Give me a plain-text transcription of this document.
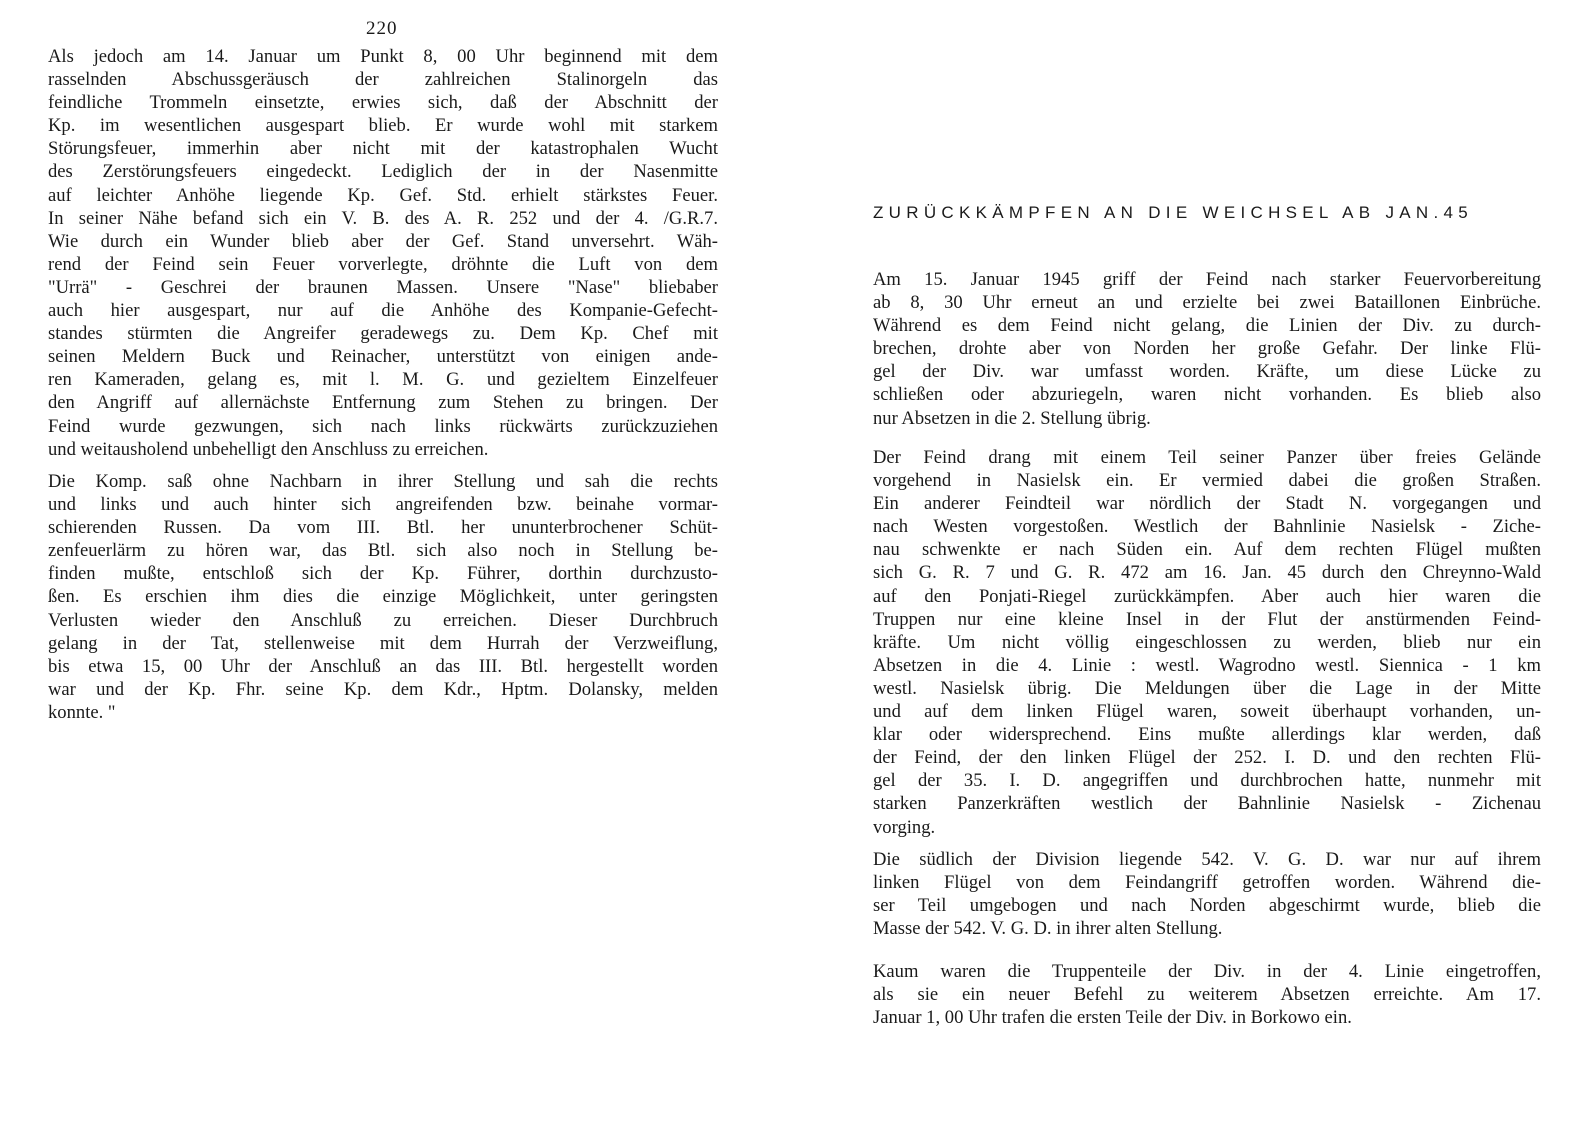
220
Als jedoch am 14. Januar um Punkt 8, 00 Uhr beginnend mit dem
rasselnden Abschussgeräusch der zahlreichen Stalinorgeln das
feindliche Trommeln einsetzte, erwies sich, daß der Abschnitt der
Kp. im wesentlichen ausgespart blieb. Er wurde wohl mit starkem
Störungsfeuer, immerhin aber nicht mit der katastrophalen Wucht
des Zerstörungsfeuers eingedeckt. Lediglich der in der Nasenmitte
auf leichter Anhöhe liegende Kp. Gef. Std. erhielt stärkstes Feuer.
In seiner Nähe befand sich ein V. B. des A. R. 252 und der 4. /G.R.7.
Wie durch ein Wunder blieb aber der Gef. Stand unversehrt. Wäh-
rend der Feind sein Feuer vorverlegte, dröhnte die Luft von dem
"Urrä" - Geschrei der braunen Massen. Unsere "Nase" bliebaber
auch hier ausgespart, nur auf die Anhöhe des Kompanie-Gefecht-
standes stürmten die Angreifer geradewegs zu. Dem Kp. Chef mit
seinen Meldern Buck und Reinacher, unterstützt von einigen ande-
ren Kameraden, gelang es, mit l. M. G. und gezieltem Einzelfeuer
den Angriff auf allernächste Entfernung zum Stehen zu bringen. Der
Feind wurde gezwungen, sich nach links rückwärts zurückzuziehen
und weitausholend unbehelligt den Anschluss zu erreichen.
Die Komp. saß ohne Nachbarn in ihrer Stellung und sah die rechts
und links und auch hinter sich angreifenden bzw. beinahe vormar-
schierenden Russen. Da vom III. Btl. her ununterbrochener Schüt-
zenfeuerlärm zu hören war, das Btl. sich also noch in Stellung be-
finden mußte, entschloß sich der Kp. Führer, dorthin durchzusto-
ßen. Es erschien ihm dies die einzige Möglichkeit, unter geringsten
Verlusten wieder den Anschluß zu erreichen. Dieser Durchbruch
gelang in der Tat, stellenweise mit dem Hurrah der Verzweiflung,
bis etwa 15, 00 Uhr der Anschluß an das III. Btl. hergestellt worden
war und der Kp. Fhr. seine Kp. dem Kdr., Hptm. Dolansky, melden
konnte. "
ZURÜCKKÄMPFEN AN DIE WEICHSEL AB JAN.45
Am 15. Januar 1945 griff der Feind nach starker Feuervorbereitung
ab 8, 30 Uhr erneut an und erzielte bei zwei Bataillonen Einbrüche.
Während es dem Feind nicht gelang, die Linien der Div. zu durch-
brechen, drohte aber von Norden her große Gefahr. Der linke Flü-
gel der Div. war umfasst worden. Kräfte, um diese Lücke zu
schließen oder abzuriegeln, waren nicht vorhanden. Es blieb also
nur Absetzen in die 2. Stellung übrig.
Der Feind drang mit einem Teil seiner Panzer über freies Gelände
vorgehend in Nasielsk ein. Er vermied dabei die großen Straßen.
Ein anderer Feindteil war nördlich der Stadt N. vorgegangen und
nach Westen vorgestoßen. Westlich der Bahnlinie Nasielsk - Ziche-
nau schwenkte er nach Süden ein. Auf dem rechten Flügel mußten
sich G. R. 7 und G. R. 472 am 16. Jan. 45 durch den Chreynno-Wald
auf den Ponjati-Riegel zurückkämpfen. Aber auch hier waren die
Truppen nur eine kleine Insel in der Flut der anstürmenden Feind-
kräfte. Um nicht völlig eingeschlossen zu werden, blieb nur ein
Absetzen in die 4. Linie : westl. Wagrodno westl. Siennica - 1 km
westl. Nasielsk übrig. Die Meldungen über die Lage in der Mitte
und auf dem linken Flügel waren, soweit überhaupt vorhanden, un-
klar oder widersprechend. Eins mußte allerdings klar werden, daß
der Feind, der den linken Flügel der 252. I. D. und den rechten Flü-
gel der 35. I. D. angegriffen und durchbrochen hatte, nunmehr mit
starken Panzerkräften westlich der Bahnlinie Nasielsk - Zichenau
vorging.
Die südlich der Division liegende 542. V. G. D. war nur auf ihrem
linken Flügel von dem Feindangriff getroffen worden. Während die-
ser Teil umgebogen und nach Norden abgeschirmt wurde, blieb die
Masse der 542. V. G. D. in ihrer alten Stellung.
Kaum waren die Truppenteile der Div. in der 4. Linie eingetroffen,
als sie ein neuer Befehl zu weiterem Absetzen erreichte. Am 17.
Januar 1, 00 Uhr trafen die ersten Teile der Div. in Borkowo ein.
